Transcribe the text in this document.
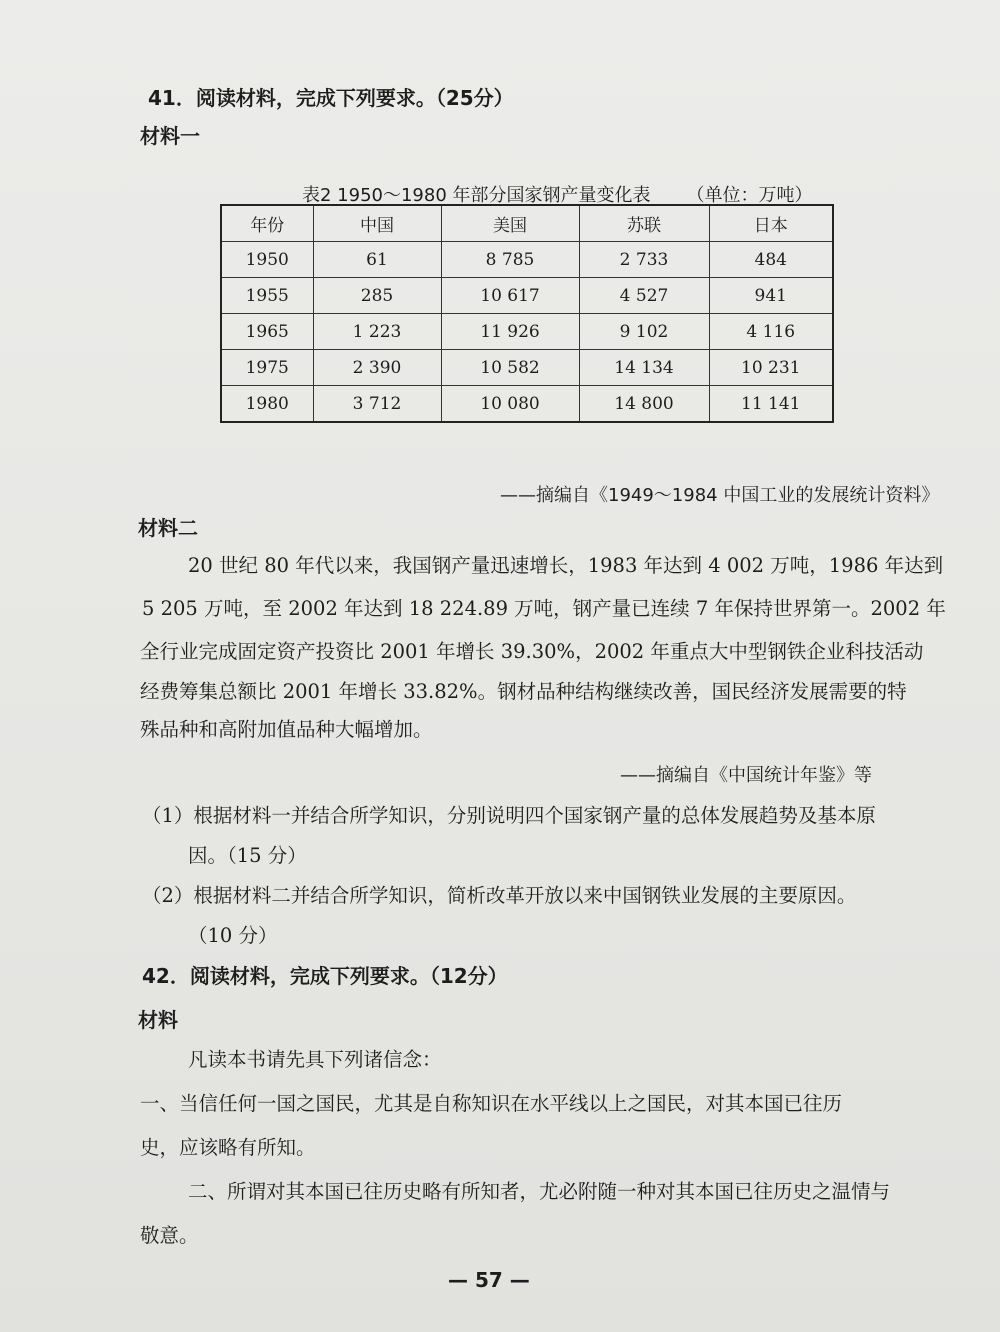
41．阅读材料，完成下列要求。（25分）
材料一
表2 1950～1980 年部分国家钢产量变化表 （单位：万吨）
年份	中国	美国	苏联	日本
1950	61	8 785	2 733	484
1955	285	10 617	4 527	941
1965	1 223	11 926	9 102	4 116
1975	2 390	10 582	14 134	10 231
1980	3 712	10 080	14 800	11 141
——摘编自《1949～1984 中国工业的发展统计资料》
材料二
20 世纪 80 年代以来，我国钢产量迅速增长，1983 年达到 4 002 万吨，1986 年达到
5 205 万吨，至 2002 年达到 18 224.89 万吨，钢产量已连续 7 年保持世界第一。2002 年
全行业完成固定资产投资比 2001 年增长 39.30%，2002 年重点大中型钢铁企业科技活动
经费筹集总额比 2001 年增长 33.82%。钢材品种结构继续改善，国民经济发展需要的特
殊品种和高附加值品种大幅增加。
——摘编自《中国统计年鉴》等
（1）根据材料一并结合所学知识，分别说明四个国家钢产量的总体发展趋势及基本原
因。（15 分）
（2）根据材料二并结合所学知识，简析改革开放以来中国钢铁业发展的主要原因。
（10 分）
42．阅读材料，完成下列要求。（12分）
材料
凡读本书请先具下列诸信念：
一、当信任何一国之国民，尤其是自称知识在水平线以上之国民，对其本国已往历
史，应该略有所知。
二、所谓对其本国已往历史略有所知者，尤必附随一种对其本国已往历史之温情与
敬意。
— 57 —
